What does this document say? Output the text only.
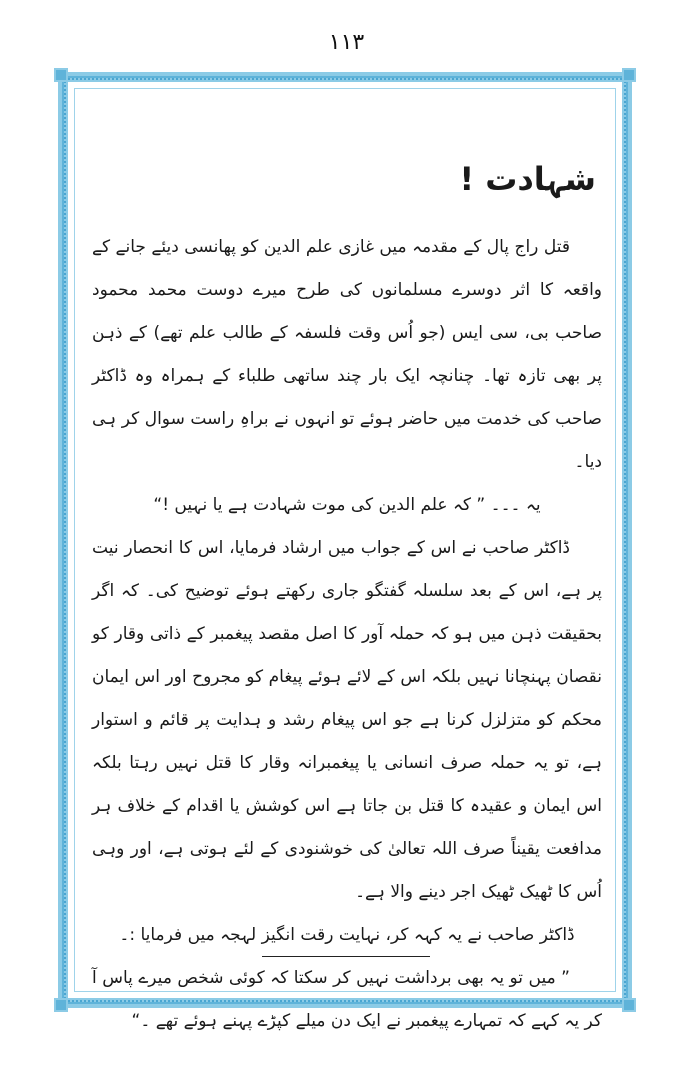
۱۱۳
شہادت !

قتل راج پال کے مقدمہ میں غازی علم الدین کو پھانسی دیئے جانے کے واقعہ کا اثر دوسرے مسلمانوں کی طرح میرے دوست محمد محمود صاحب بی، سی ایس (جو اُس وقت فلسفہ کے طالب علم تھے) کے ذہن پر بھی تازہ تھا۔ چنانچہ ایک بار چند ساتھی طلباء کے ہمراہ وہ ڈاکٹر صاحب کی خدمت میں حاضر ہوئے تو انہوں نے براہِ راست سوال کر ہی دیا۔

یہ ۔۔۔ ” کہ علم الدین کی موت شہادت ہے یا نہیں !“

ڈاکٹر صاحب نے اس کے جواب میں ارشاد فرمایا، اس کا انحصار نیت پر ہے، اس کے بعد سلسلہ گفتگو جاری رکھتے ہوئے توضیح کی۔ کہ اگر بحقیقت ذہن میں ہو کہ حملہ آور کا اصل مقصد پیغمبر کے ذاتی وقار کو نقصان پہنچانا نہیں بلکہ اس کے لائے ہوئے پیغام کو مجروح اور اس ایمان محکم کو متزلزل کرنا ہے جو اس پیغام رشد و ہدایت پر قائم و استوار ہے، تو یہ حملہ صرف انسانی یا پیغمبرانہ وقار کا قتل نہیں رہتا بلکہ اس ایمان و عقیدہ کا قتل بن جاتا ہے اس کوشش یا اقدام کے خلاف ہر مدافعت یقیناً صرف اللہ تعالیٰ کی خوشنودی کے لئے ہوتی ہے، اور وہی اُس کا ٹھیک ٹھیک اجر دینے والا ہے۔

ڈاکٹر صاحب نے یہ کہہ کر، نہایت رقت انگیز لہجہ میں فرمایا :۔

” میں تو یہ بھی برداشت نہیں کر سکتا کہ کوئی شخص میرے پاس آ کر یہ کہے کہ تمہارے پیغمبر نے ایک دن میلے کپڑے پہنے ہوئے تھے ۔“
